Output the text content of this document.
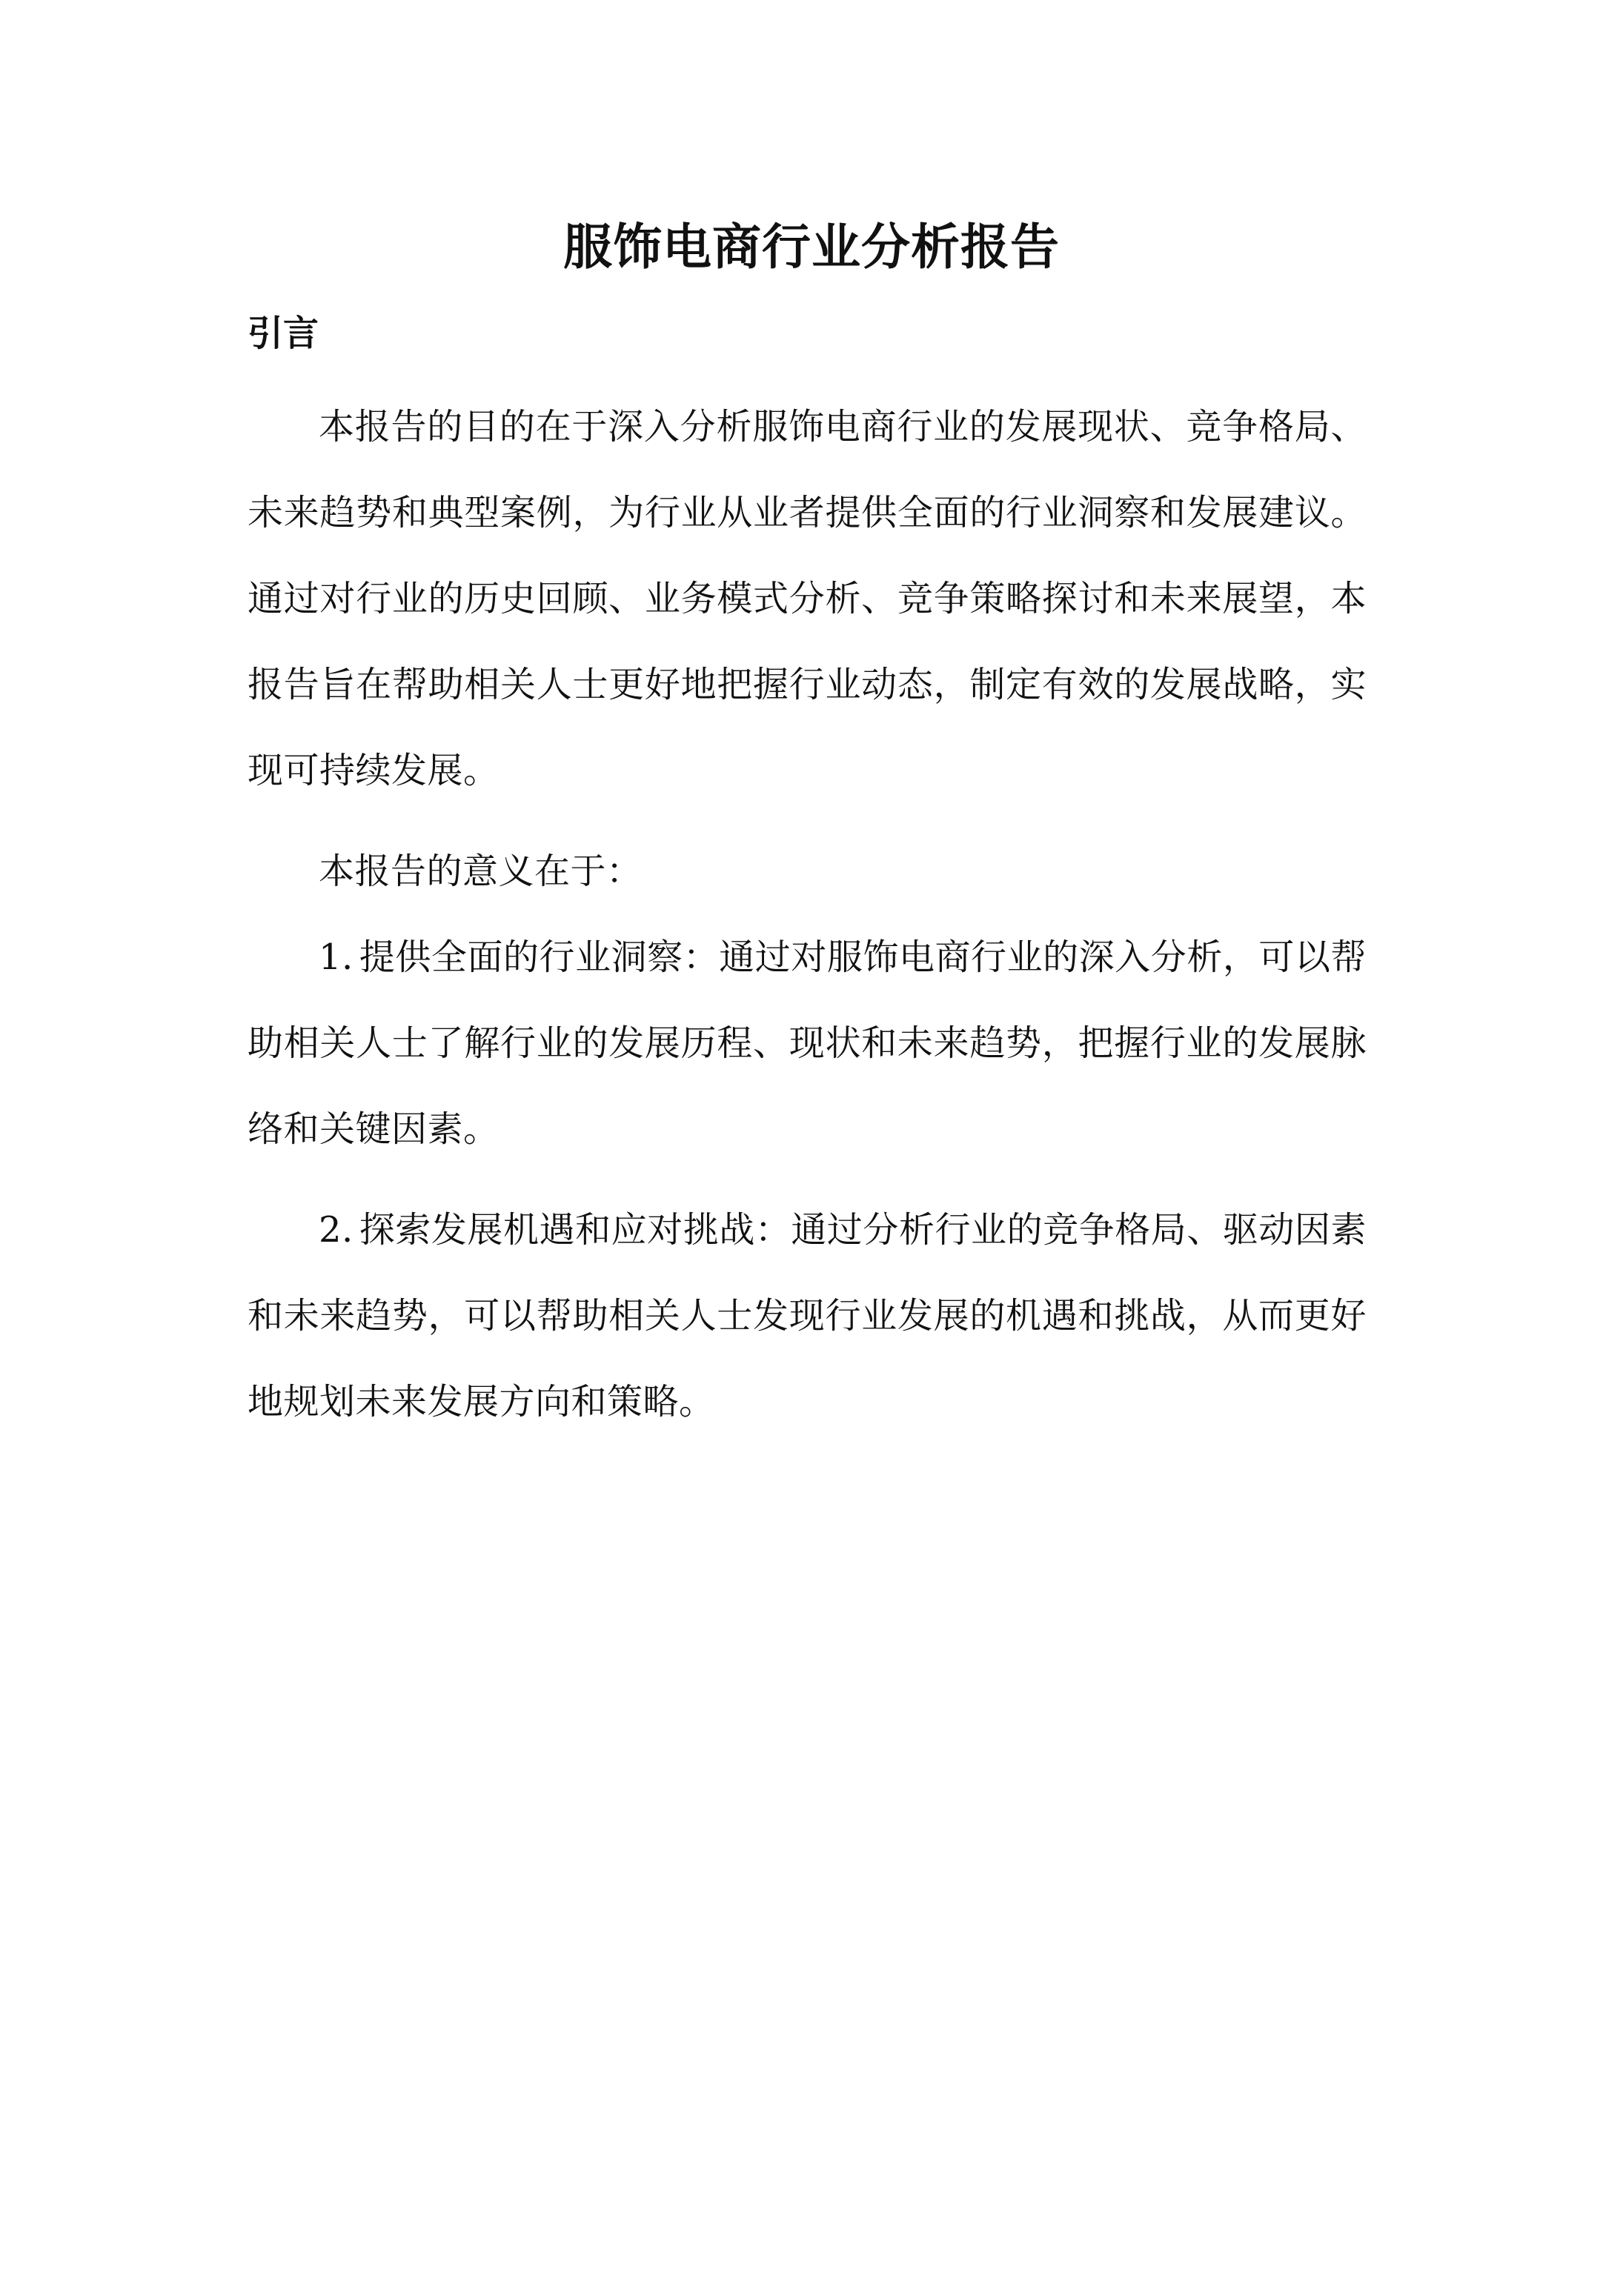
服饰电商行业分析报告
引言

本报告的目的在于深入分析服饰电商行业的发展现状、竞争格局、未来趋势和典型案例，为行业从业者提供全面的行业洞察和发展建议。通过对行业的历史回顾、业务模式分析、竞争策略探讨和未来展望，本报告旨在帮助相关人士更好地把握行业动态，制定有效的发展战略，实现可持续发展。

本报告的意义在于：

1. 提供全面的行业洞察：通过对服饰电商行业的深入分析，可以帮助相关人士了解行业的发展历程、现状和未来趋势，把握行业的发展脉络和关键因素。

2. 探索发展机遇和应对挑战：通过分析行业的竞争格局、驱动因素和未来趋势，可以帮助相关人士发现行业发展的机遇和挑战，从而更好地规划未来发展方向和策略。
